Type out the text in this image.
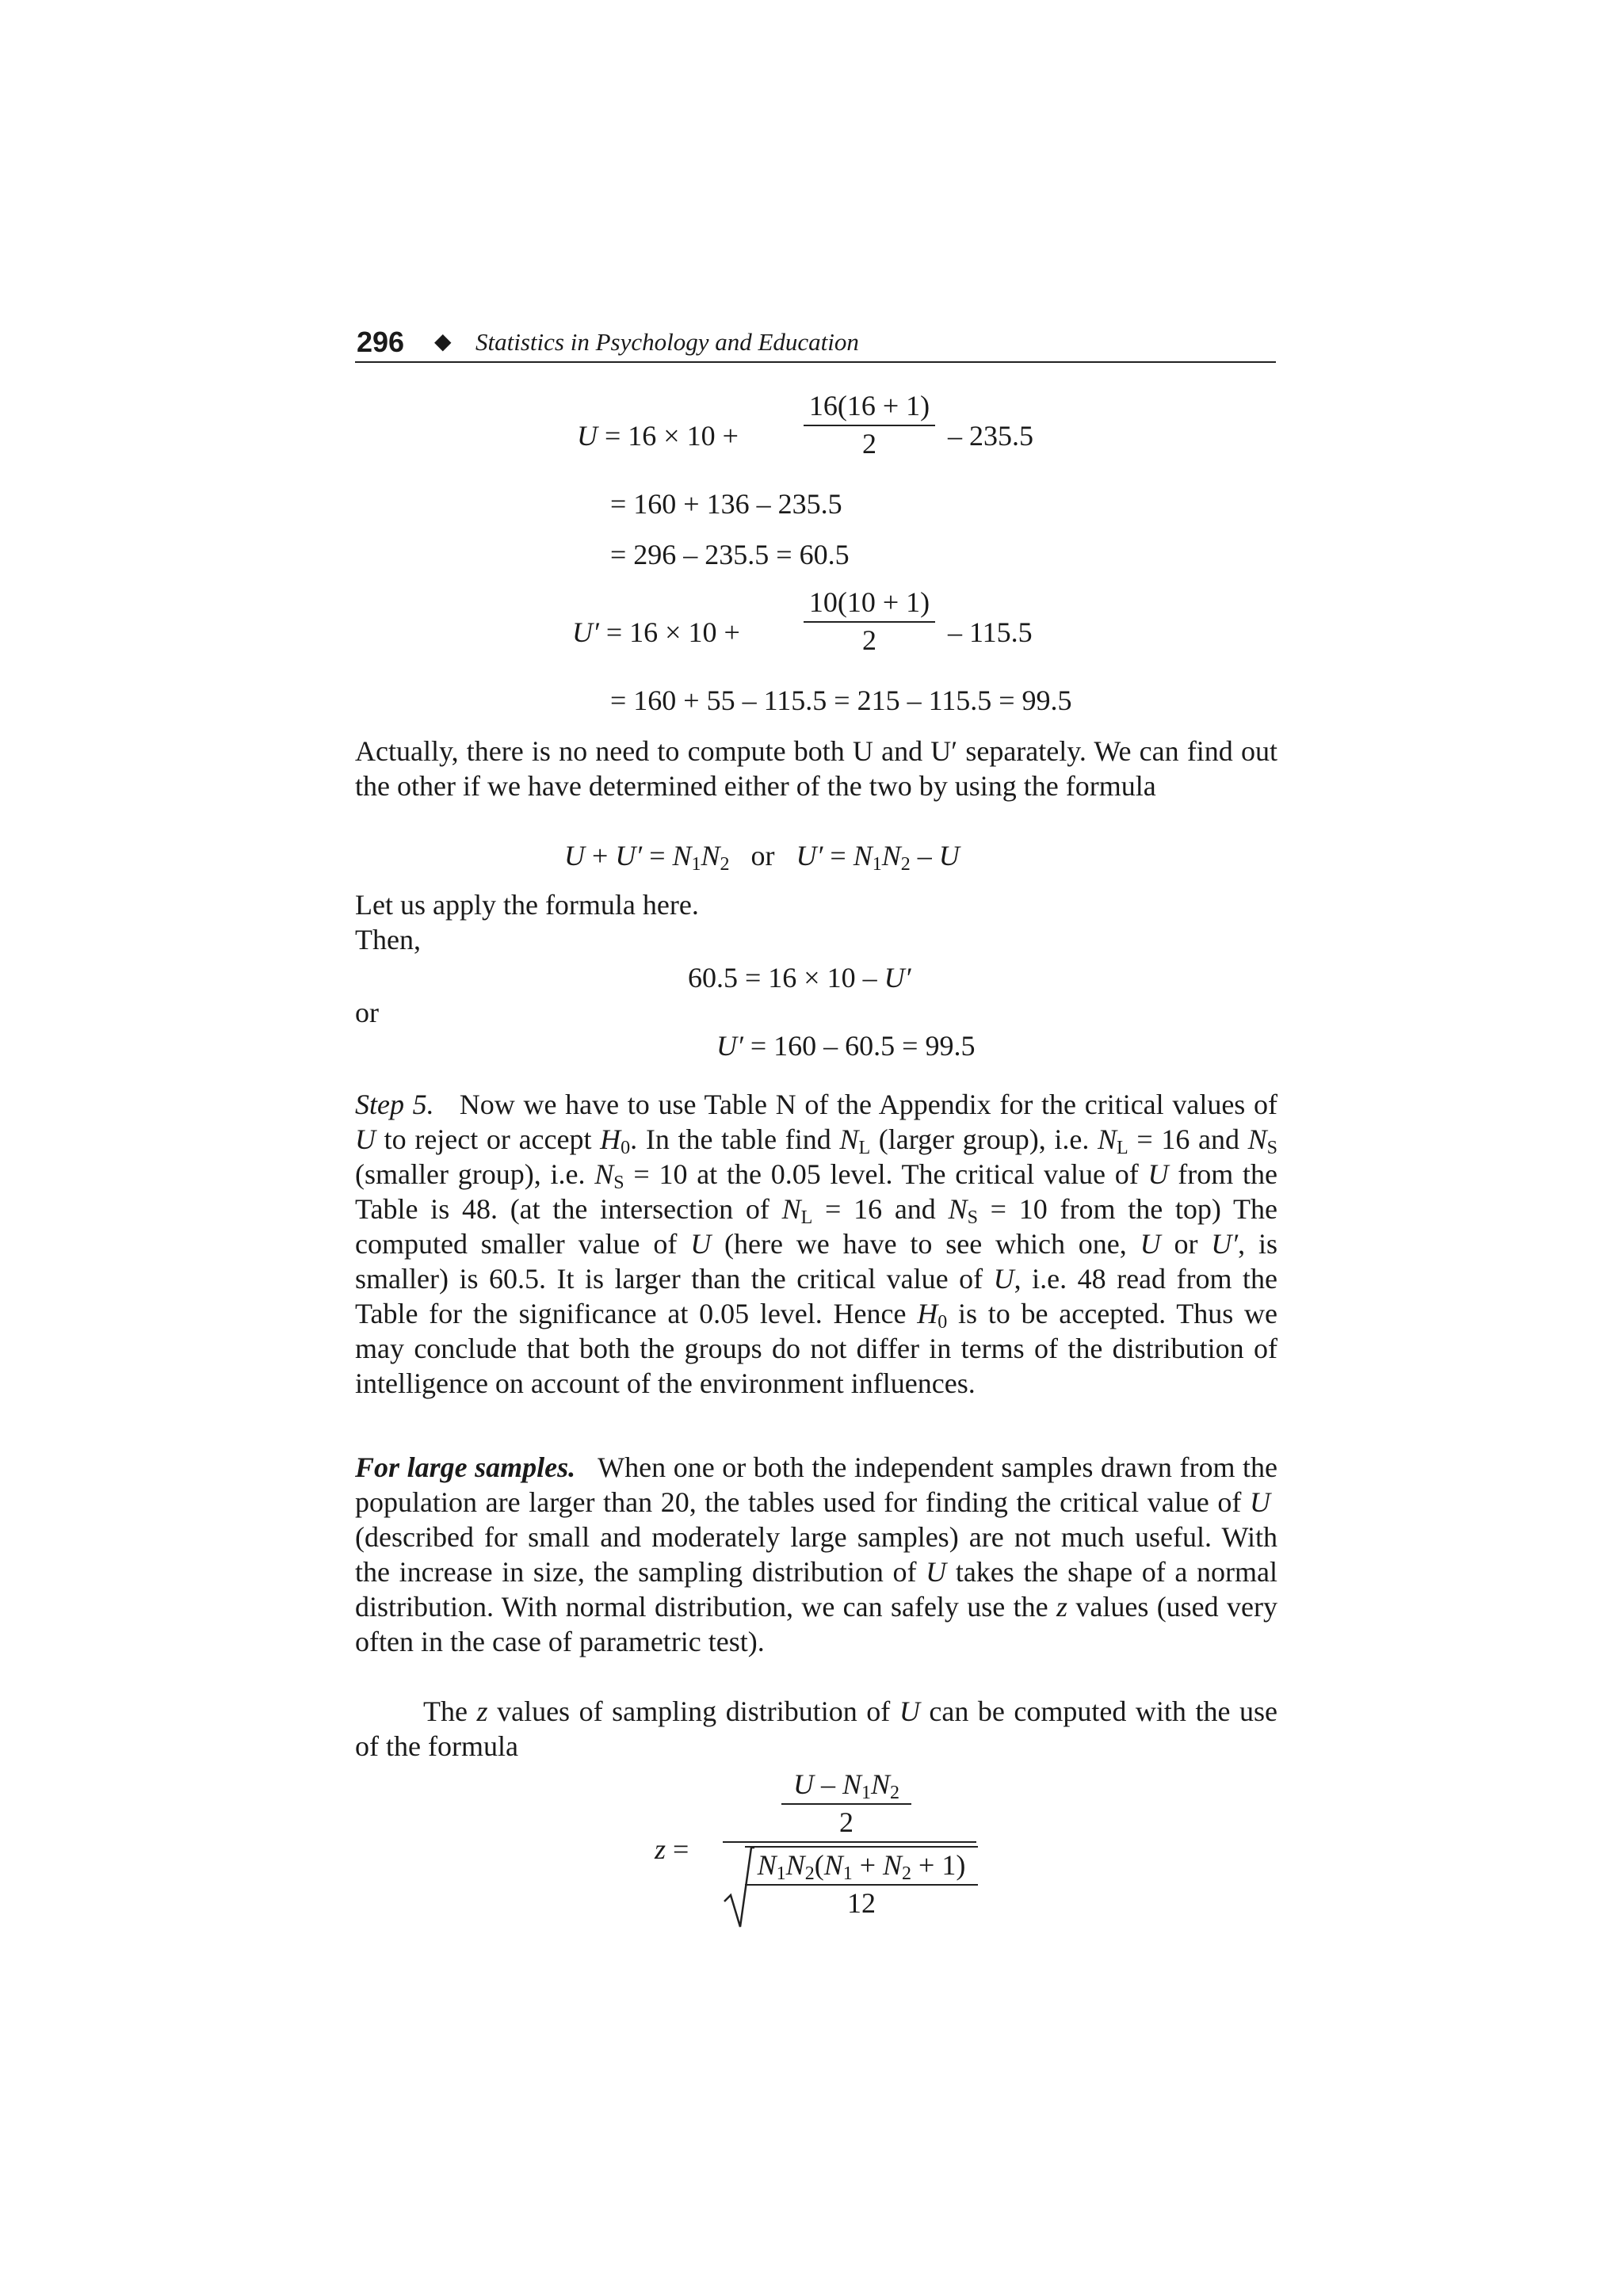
296 ◆ Statistics in Psychology and Education
U = 16 × 10 +
16(16 + 1)
2	– 235.5
= 160 + 136 – 235.5
= 296 – 235.5 = 60.5
U′ = 16 × 10 +
10(10 + 1)
2	– 115.5
= 160 + 55 – 115.5 = 215 – 115.5 = 99.5
Actually, there is no need to compute both U and U′ separately. We can find out the other if we have determined either of the two by using the formula
$U + U' = N_1N_2$ or $U' = N_1N_2 - U$
Let us apply the formula here.
Then,
60.5 = 16 × 10 – U′
or
U′ = 160 – 60.5 = 99.5
Step 5.   Now we have to use Table N of the Appendix for the critical values of U to reject or accept $H_0$. In the table find $N_L$ (larger group), i.e. $N_L = 16$ and $N_S$ (smaller group), i.e. $N_S = 10$ at the 0.05 level. The critical value of U from the Table is 48. (at the intersection of $N_L = 16$ and $N_S = 10$ from the top) The computed smaller value of U (here we have to see which one, U or U′, is smaller) is 60.5. It is larger than the critical value of U, i.e. 48 read from the Table for the significance at 0.05 level. Hence $H_0$ is to be accepted. Thus we may conclude that both the groups do not differ in terms of the distribution of intelligence on account of the environment influences.
For large samples.   When one or both the independent samples drawn from the population are larger than 20, the tables used for finding the critical value of U  (described for small and moderately large samples) are not much useful. With the increase in size, the sampling distribution of U takes the shape of a normal distribution. With normal distribution, we can safely use the z values (used very often in the case of parametric test).
The z values of sampling distribution of U can be computed with the use of the formula
z =
U – $N_1N_2$
2
$N_1N_2(N_1 + N_2 + 1)$
12
